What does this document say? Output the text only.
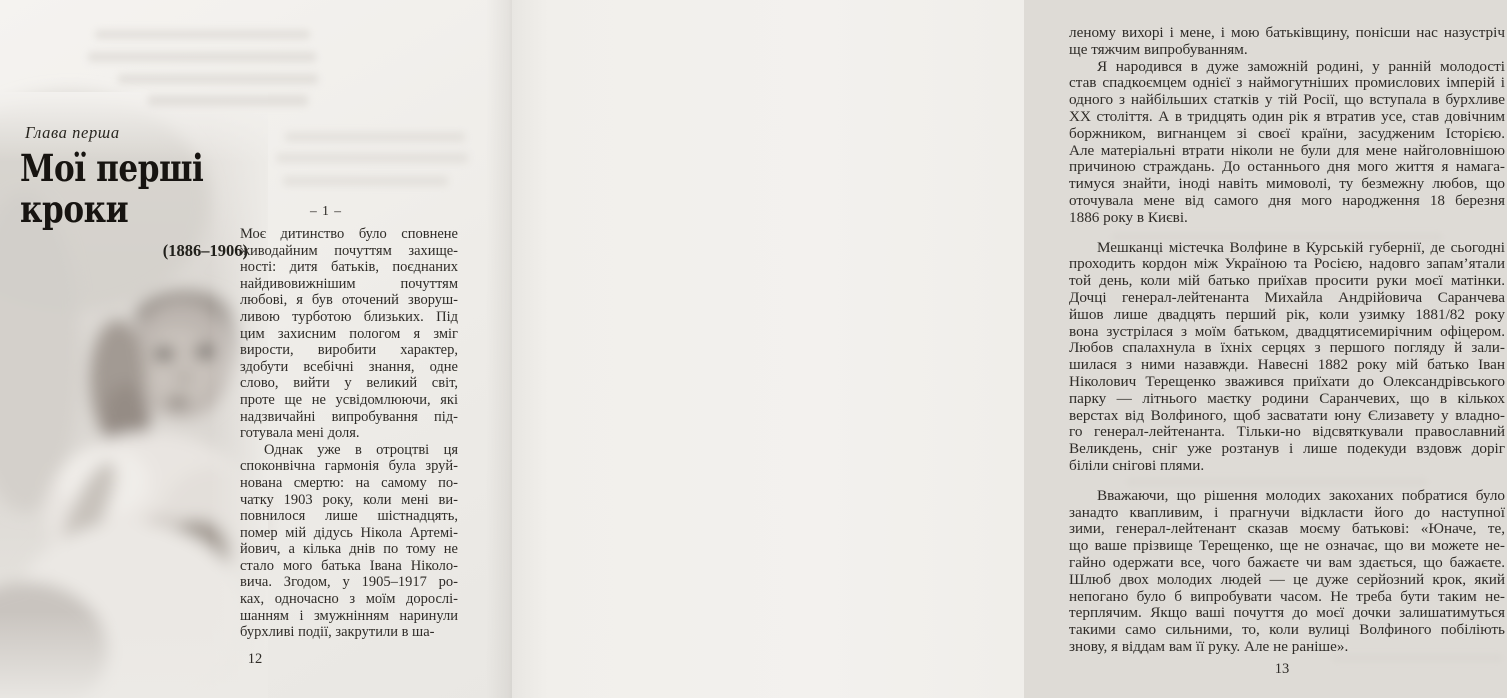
Глава перша
Мої перші
кроки
(1886–1906)
– 1 –
Моє дитинство було сповнене
живодайним почуттям захище-
ності: дитя батьків, поєднаних
найдивовижнішим почуттям
любові, я був оточений зворуш-
ливою турботою близьких. Під
цим захисним пологом я зміг
вирости, виробити характер,
здобути всебічні знання, одне
слово, вийти у великий світ,
проте ще не усвідомлюючи, які
надзвичайні випробування під-
готувала мені доля.
Однак уже в отроцтві ця
споконвічна гармонія була зруй-
нована смертю: на самому по-
чатку 1903 року, коли мені ви-
повнилося лише шістнадцять,
помер мій дідусь Нікола Артемі-
йович, а кілька днів по тому не
стало мого батька Івана Ніколо-
вича. Згодом, у 1905–1917 ро-
ках, одночасно з моїм дорослі-
шанням і змужнінням наринули
бурхливі події, закрутили в ша-
12
леному вихорі і мене, і мою батьківщину, понісши нас назустріч
ще тяжчим випробуванням.
Я народився в дуже заможній родині, у ранній молодості
став спадкоємцем однієї з наймогутніших промислових імперій і
одного з найбільших статків у тій Росії, що вступала в бурхливе
ХХ століття. А в тридцять один рік я втратив усе, став довічним
боржником, вигнанцем зі своєї країни, засудженим Історією.
Але матеріальні втрати ніколи не були для мене найголовнішою
причиною страждань. До останнього дня мого життя я намага-
тимуся знайти, іноді навіть мимоволі, ту безмежну любов, що
оточувала мене від самого дня мого народження 18 березня
1886 року в Києві.
Мешканці містечка Волфине в Курській губернії, де сьогодні
проходить кордон між Україною та Росією, надовго запам’ятали
той день, коли мій батько приїхав просити руки моєї матінки.
Дочці генерал-лейтенанта Михайла Андрійовича Саранчева
йшов лише двадцять перший рік, коли узимку 1881/82 року
вона зустрілася з моїм батьком, двадцятисемирічним офіцером.
Любов спалахнула в їхніх серцях з першого погляду й зали-
шилася з ними назавжди. Навесні 1882 року мій батько Іван
Ніколович Терещенко зважився приїхати до Олександрівського
парку — літнього маєтку родини Саранчевих, що в кількох
верстах від Волфиного, щоб засватати юну Єлизавету у владно-
го генерал-лейтенанта. Тільки-но відсвяткували православний
Великдень, сніг уже розтанув і лише подекуди вздовж доріг
біліли снігові плями.
Вважаючи, що рішення молодих закоханих побратися було
занадто квапливим, і прагнучи відкласти його до наступної
зими, генерал-лейтенант сказав моєму батькові: «Юначе, те,
що ваше прізвище Терещенко, ще не означає, що ви можете не-
гайно одержати все, чого бажаєте чи вам здається, що бажаєте.
Шлюб двох молодих людей — це дуже серйозний крок, який
непогано було б випробувати часом. Не треба бути таким не-
терплячим. Якщо ваші почуття до моєї дочки залишатимуться
такими само сильними, то, коли вулиці Волфиного побіліють
знову, я віддам вам її руку. Але не раніше».
13
